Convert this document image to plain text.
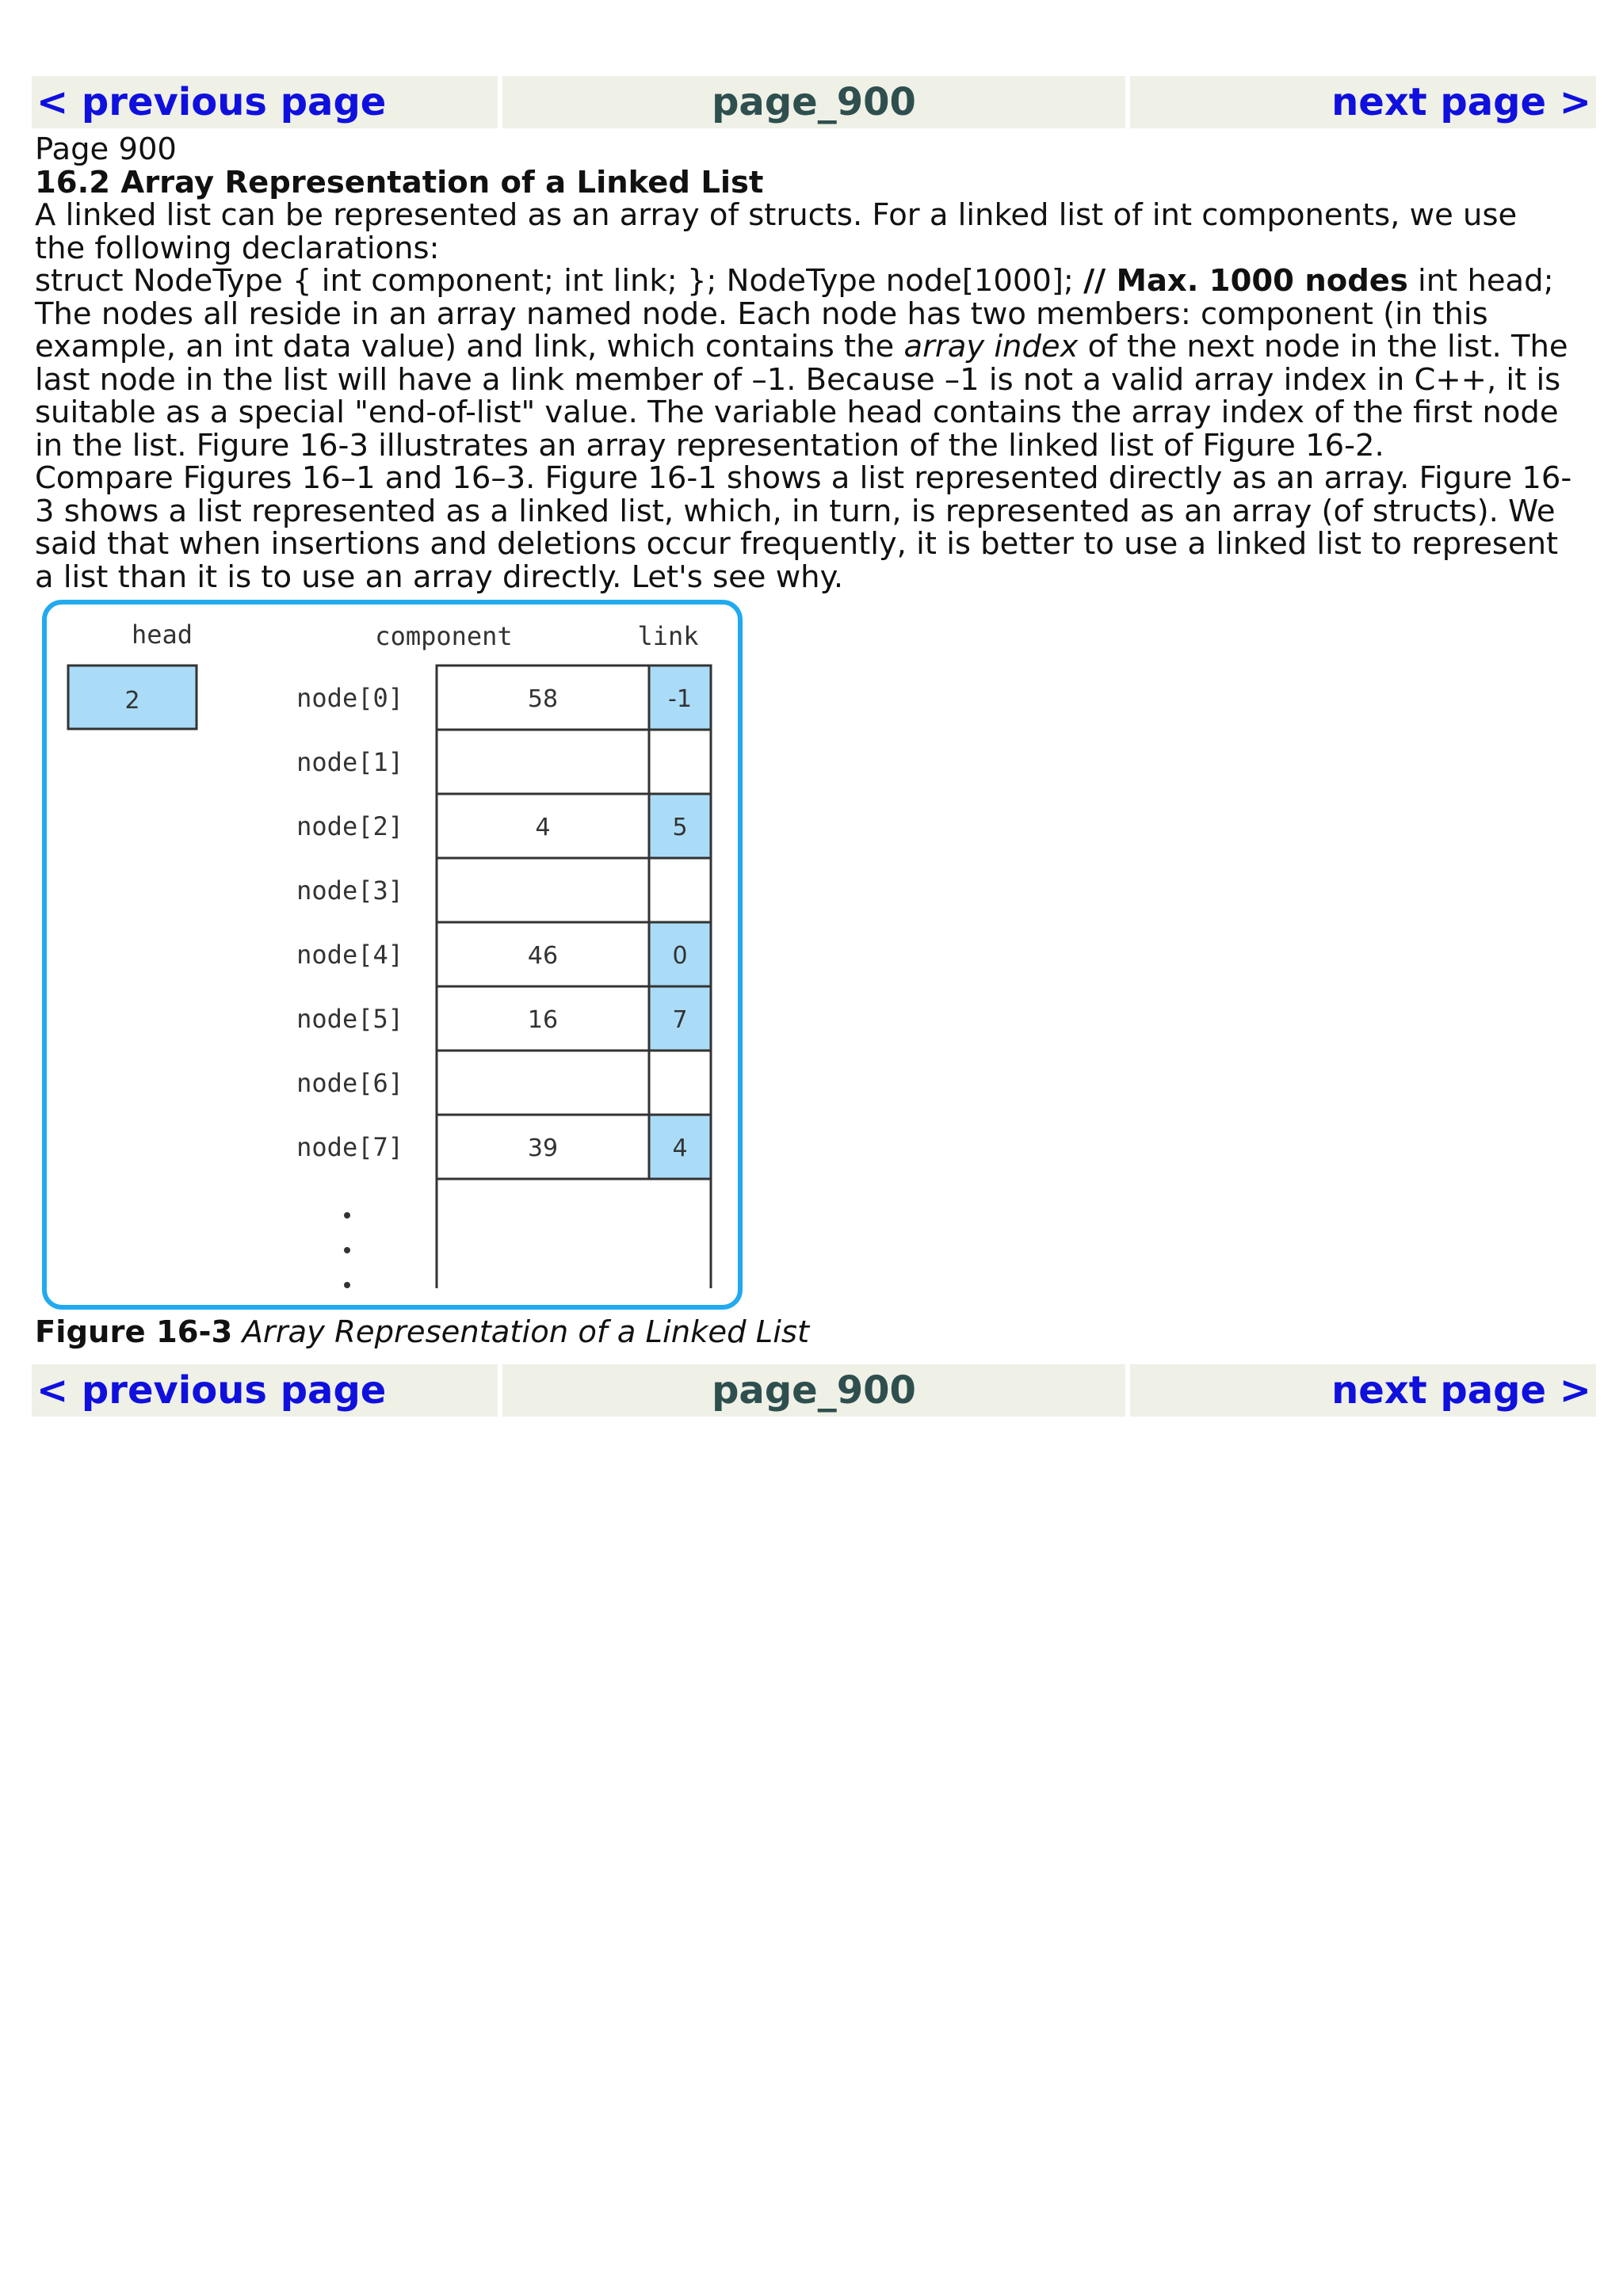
< previous page	page_900	next page >

Page 900

16.2 Array Representation of a Linked List

A linked list can be represented as an array of structs. For a linked list of int components, we use the following declarations:

struct NodeType { int component; int link; }; NodeType node[1000]; // Max. 1000 nodes int head;

The nodes all reside in an array named node. Each node has two members: component (in this example, an int data value) and link, which contains the array index of the next node in the list. The last node in the list will have a link member of –1. Because –1 is not a valid array index in C++, it is suitable as a special "end-of-list" value. The variable head contains the array index of the first node in the list. Figure 16-3 illustrates an array representation of the linked list of Figure 16-2.

Compare Figures 16–1 and 16–3. Figure 16-1 shows a list represented directly as an array. Figure 16-3 shows a list represented as a linked list, which, in turn, is represented as an array (of structs). We said that when insertions and deletions occur frequently, it is better to use a linked list to represent a list than it is to use an array directly. Let's see why.

head
2
component	link
node[0]	58	-1
node[1]
node[2]	4	5
node[3]
node[4]	46	0
node[5]	16	7
node[6]
node[7]	39	4
Figure 16-3 Array Representation of a Linked List
< previous page	page_900	next page >
